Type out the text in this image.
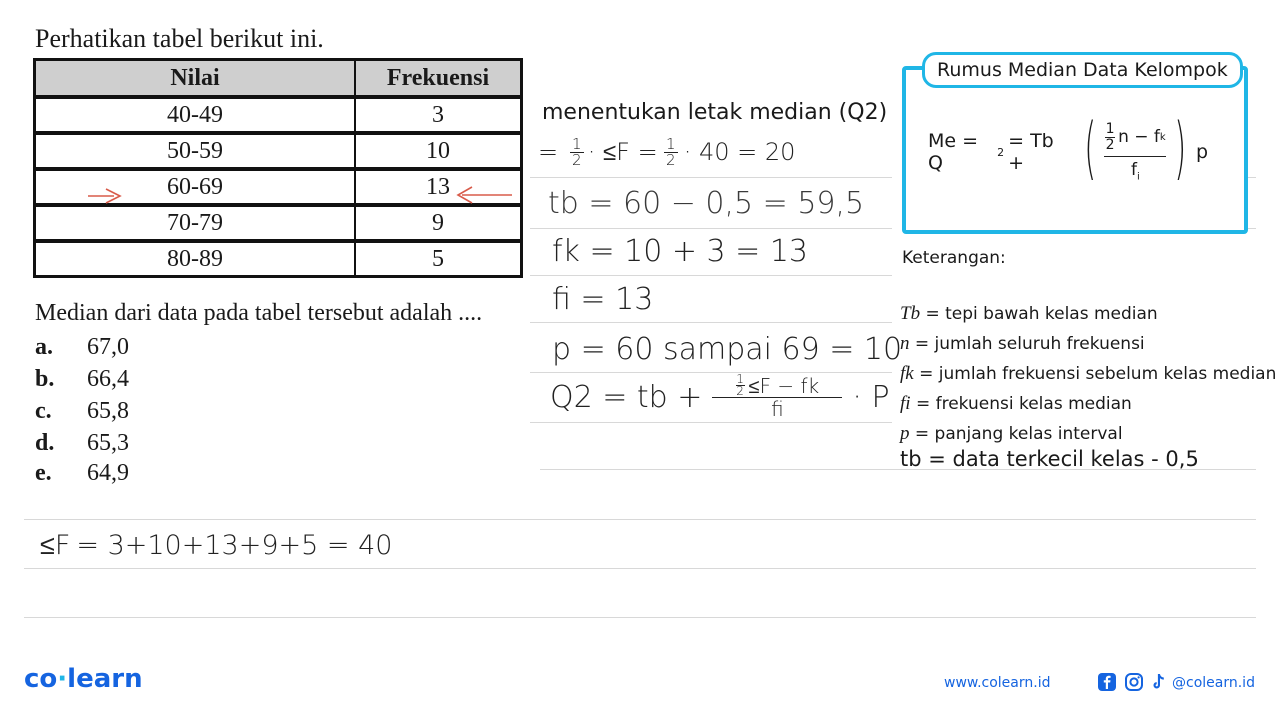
Perhatikan tabel berikut ini.
Nilai	Frekuensi
40-49	3
50-59	10
60-69	13
70-79	9
80-89	5
Median dari data pada tabel tersebut adalah ....
a. 67,0
b. 66,4
c. 65,8
d. 65,3
e. 64,9
menentukan letak median (Q2)
= 1
2 · ≤F = 1
2 · 40 = 20
tb = 60 − 0,5 = 59,5
fk = 10 + 3 = 13
fi = 13
p = 60 sampai 69 = 10
Q2 = tb +
1
2 ≤F − fk
fi · P
≤F = 3+10+13+9+5 = 40
Rumus Median Data Kelompok
Me = Q	2 = Tb + ( 1
2 n − f k
$f_i$ ) p
Keterangan:
Tb = tepi bawah kelas median
n = jumlah seluruh frekuensi
fk = jumlah frekuensi sebelum kelas median
fi = frekuensi kelas median
p = panjang kelas interval
tb = data terkecil kelas - 0,5
co·learn	www.colearn.id	@colearn.id
